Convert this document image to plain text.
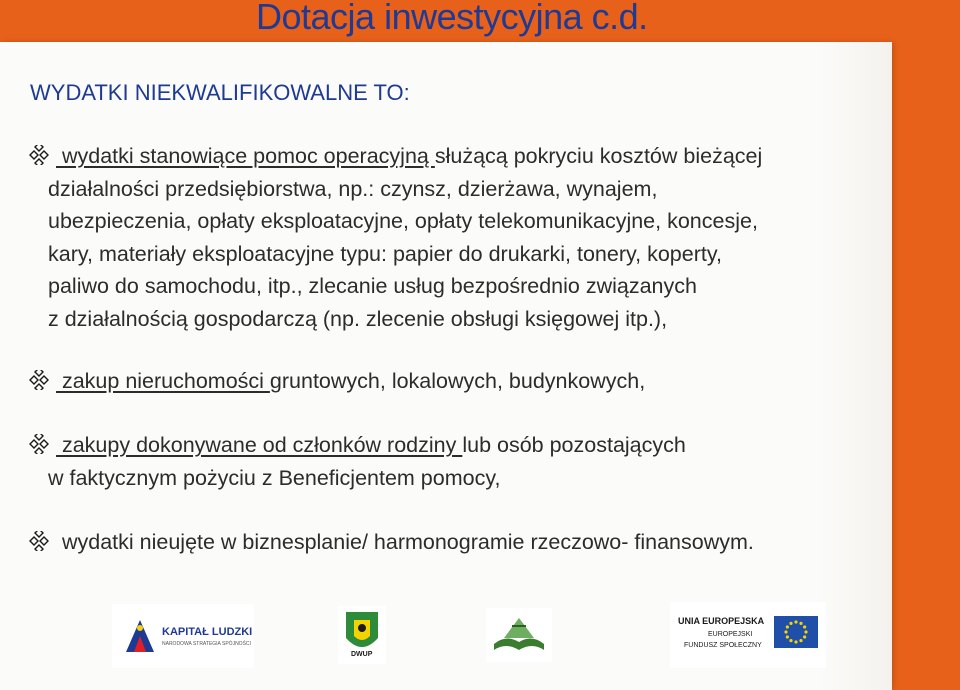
Dotacja inwestycyjna c.d.
WYDATKI NIEKWALIFIKOWALNE TO:
wydatki stanowiące pomoc operacyjną służącą pokryciu kosztów bieżącej
działalności przedsiębiorstwa, np.: czynsz, dzierżawa, wynajem,
ubezpieczenia, opłaty eksploatacyjne, opłaty telekomunikacyjne, koncesje,
kary, materiały eksploatacyjne typu: papier do drukarki, tonery, koperty,
paliwo do samochodu, itp., zlecanie usług bezpośrednio związanych
z działalnością gospodarczą (np. zlecenie obsługi księgowej itp.),
zakup nieruchomości gruntowych, lokalowych, budynkowych,
zakupy dokonywane od członków rodziny lub osób pozostających
w faktycznym pożyciu z Beneficjentem pomocy,
wydatki nieujęte w biznesplanie/ harmonogramie rzeczowo- finansowym.
KAPITAŁ LUDZKI
NARODOWA STRATEGIA SPÓJNOŚCI
DWUP
UNIA EUROPEJSKA
EUROPEJSKI
FUNDUSZ SPOŁECZNY
